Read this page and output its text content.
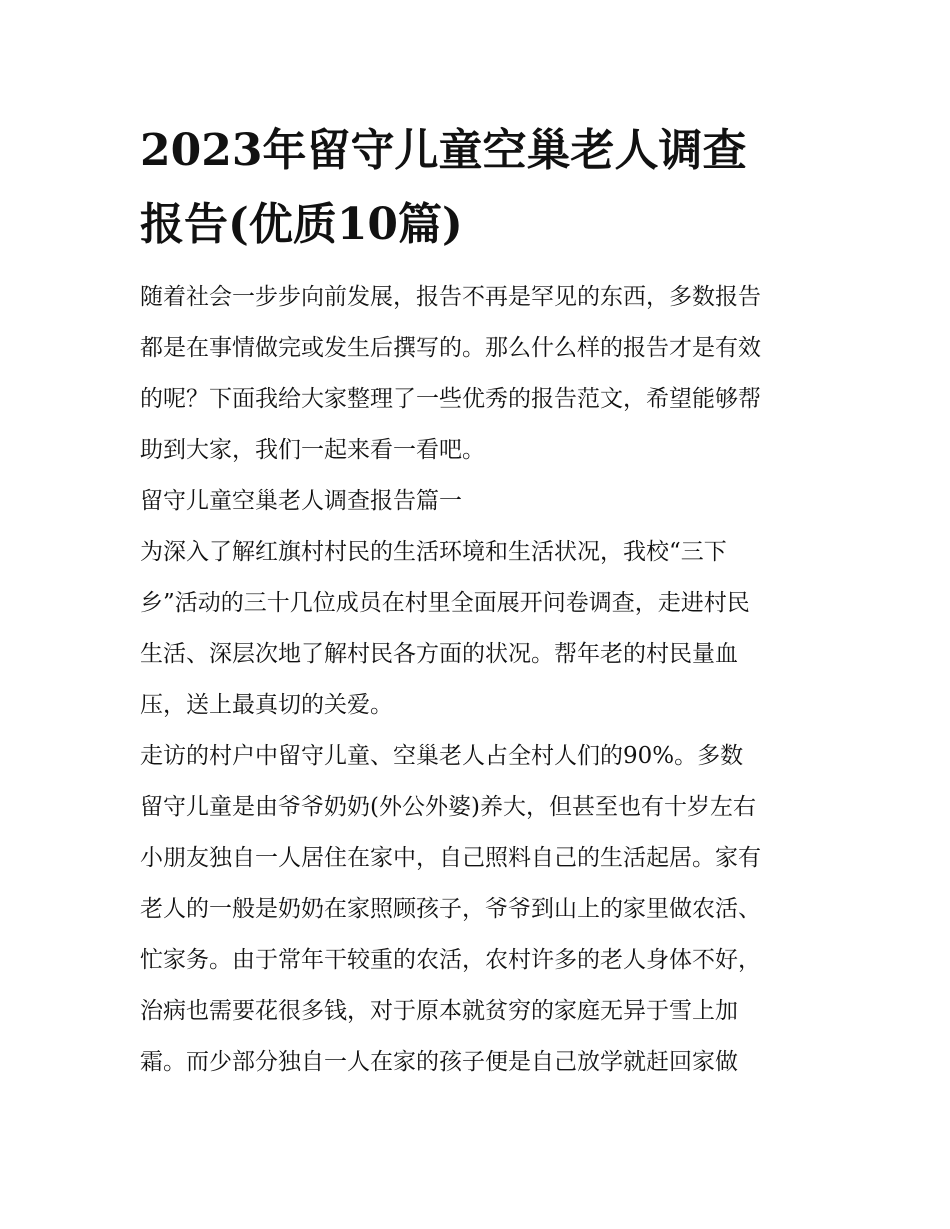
2023年留守儿童空巢老人调查
报告(优质10篇)

随着社会一步步向前发展，报告不再是罕见的东西，多数报告
都是在事情做完或发生后撰写的。那么什么样的报告才是有效
的呢？下面我给大家整理了一些优秀的报告范文，希望能够帮
助到大家，我们一起来看一看吧。

留守儿童空巢老人调查报告篇一

为深入了解红旗村村民的生活环境和生活状况，我校“三下
乡”活动的三十几位成员在村里全面展开问卷调查，走进村民
生活、深层次地了解村民各方面的状况。帮年老的村民量血
压，送上最真切的关爱。

走访的村户中留守儿童、空巢老人占全村人们的90%。多数
留守儿童是由爷爷奶奶(外公外婆)养大，但甚至也有十岁左右
小朋友独自一人居住在家中，自己照料自己的生活起居。家有
老人的一般是奶奶在家照顾孩子，爷爷到山上的家里做农活、
忙家务。由于常年干较重的农活，农村许多的老人身体不好，
治病也需要花很多钱，对于原本就贫穷的家庭无异于雪上加
霜。而少部分独自一人在家的孩子便是自己放学就赶回家做
